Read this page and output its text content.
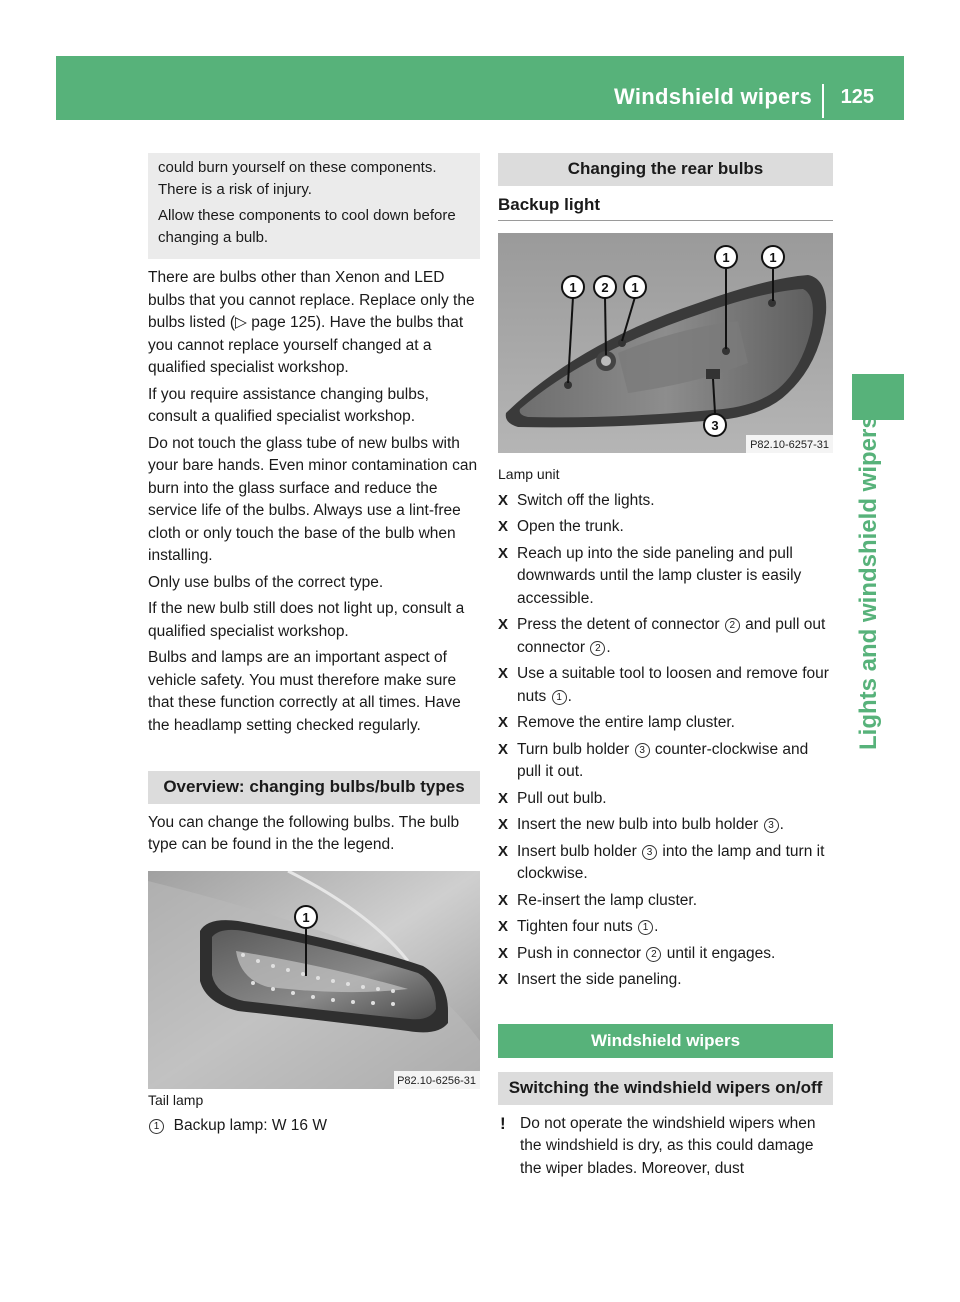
Windshield wipers 125
Lights and windshield wipers

could burn yourself on these components. There is a risk of injury.

Allow these components to cool down before changing a bulb.

There are bulbs other than Xenon and LED bulbs that you cannot replace. Replace only the bulbs listed (▷ page 125). Have the bulbs that you cannot replace yourself changed at a qualified specialist workshop.

If you require assistance changing bulbs, consult a qualified specialist workshop.

Do not touch the glass tube of new bulbs with your bare hands. Even minor contamination can burn into the glass surface and reduce the service life of the bulbs. Always use a lint-free cloth or only touch the base of the bulb when installing.

Only use bulbs of the correct type.

If the new bulb still does not light up, consult a qualified specialist workshop.

Bulbs and lamps are an important aspect of vehicle safety. You must therefore make sure that these function correctly at all times. Have the headlamp setting checked regularly.

Overview: changing bulbs/bulb types

You can change the following bulbs. The bulb type can be found in the the legend.

1
P82.10-6256-31

Tail lamp

1 Backup lamp: W 16 W

Changing the rear bulbs
Backup light
1 2 1
1	1
3
P82.10-6257-31

Lamp unit

X Switch off the lights.
X Open the trunk.
X Reach up into the side paneling and pull downwards until the lamp cluster is easily accessible.
X Press the detent of connector 2 and pull out connector 2 .
X Use a suitable tool to loosen and remove four nuts 1 .
X Remove the entire lamp cluster.
X Turn bulb holder 3 counter-clockwise and pull it out.
X Pull out bulb.
X Insert the new bulb into bulb holder 3 .
X Insert bulb holder 3 into the lamp and turn it clockwise.
X Re-insert the lamp cluster.
X Tighten four nuts 1 .
X Push in connector 2 until it engages.
X Insert the side paneling.
Windshield wipers
Switching the windshield wipers on/off
! Do not operate the windshield wipers when the windshield is dry, as this could damage the wiper blades. Moreover, dust
